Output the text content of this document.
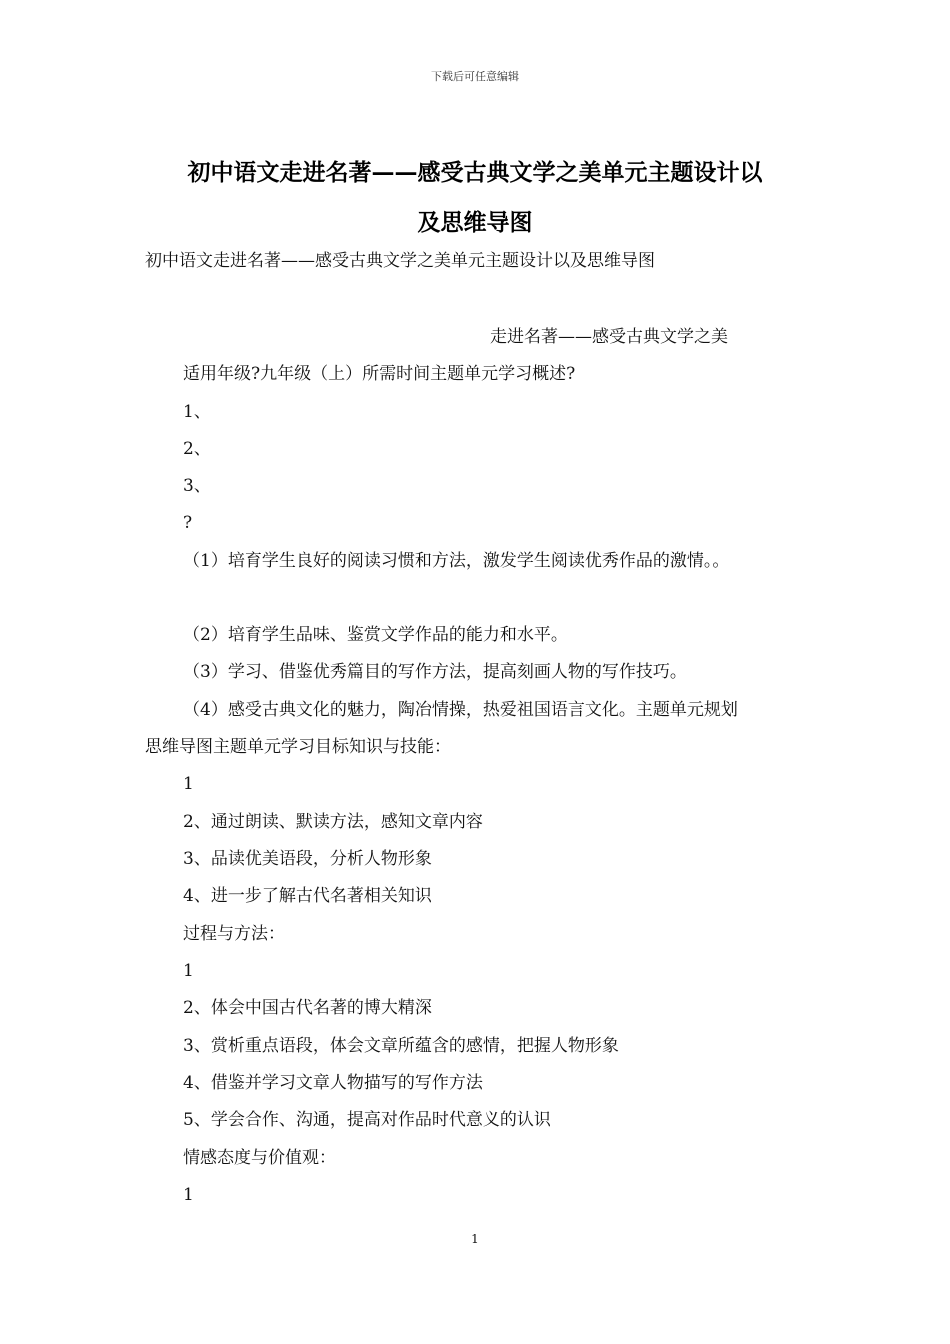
下载后可任意编辑
初中语文走进名著——感受古典文学之美单元主题设计以
及思维导图
初中语文走进名著——感受古典文学之美单元主题设计以及思维导图
走进名著——感受古典文学之美
适用年级?九年级（上）所需时间主题单元学习概述?
1、
2、
3、
?
（1）培育学生良好的阅读习惯和方法，激发学生阅读优秀作品的激情。。
（2）培育学生品味、鉴赏文学作品的能力和水平。
（3）学习、借鉴优秀篇目的写作方法，提高刻画人物的写作技巧。
（4）感受古典文化的魅力，陶冶情操，热爱祖国语言文化。主题单元规划
思维导图主题单元学习目标知识与技能：
1
2、通过朗读、默读方法，感知文章内容
3、品读优美语段，分析人物形象
4、进一步了解古代名著相关知识
过程与方法：
1
2、体会中国古代名著的博大精深
3、赏析重点语段，体会文章所蕴含的感情，把握人物形象
4、借鉴并学习文章人物描写的写作方法
5、学会合作、沟通，提高对作品时代意义的认识
情感态度与价值观：
1
1
